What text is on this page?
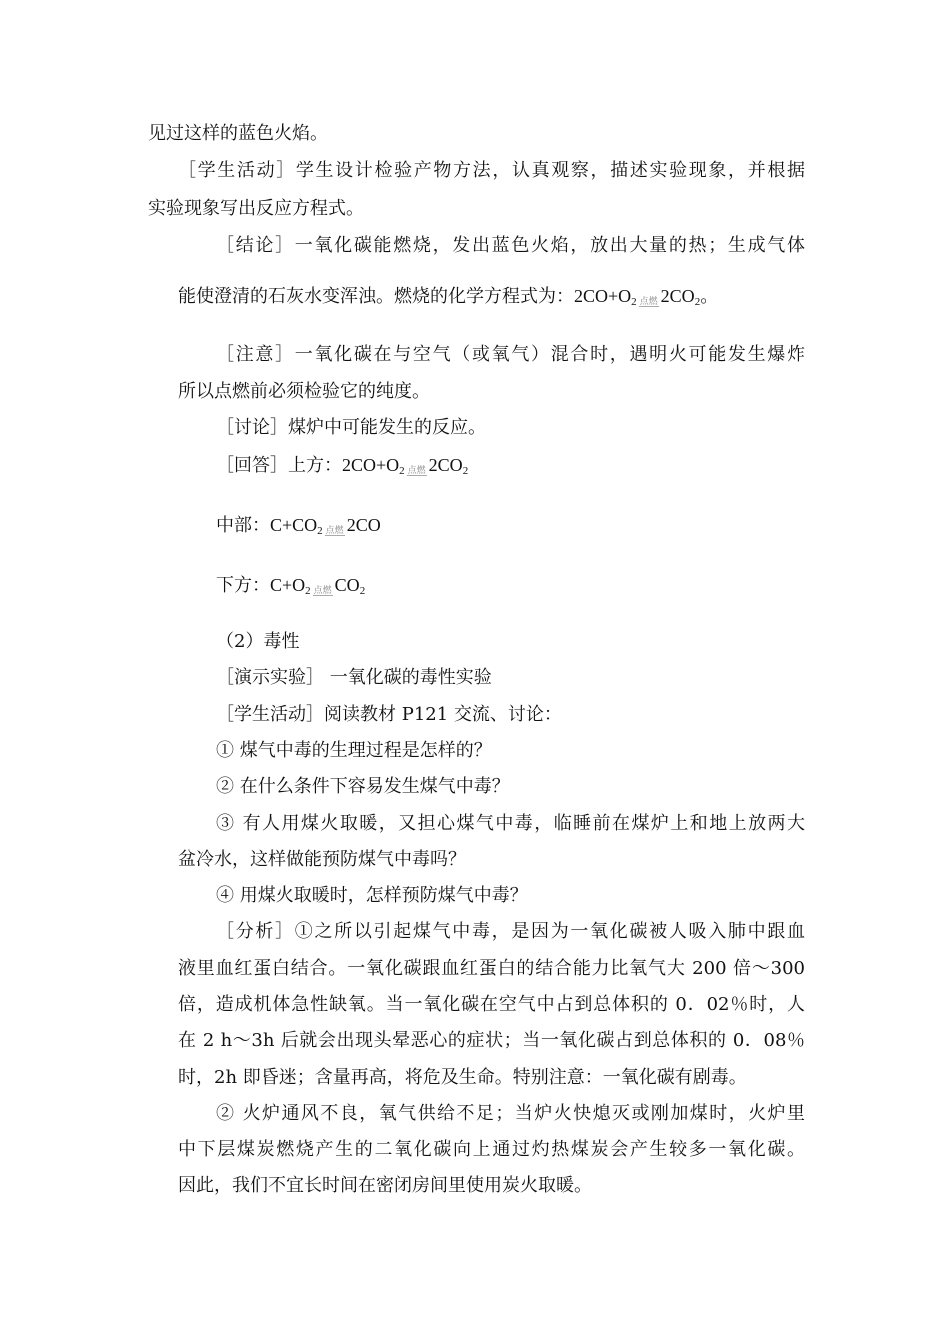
见过这样的蓝色火焰。
［学生活动］学生设计检验产物方法，认真观察，描述实验现象，并根据
实验现象写出反应方程式。
［结论］一氧化碳能燃烧，发出蓝色火焰，放出大量的热；生成气体
能使澄清的石灰水变浑浊。燃烧的化学方程式为：$2CO+O_2$ 点燃 $2CO_2$。
［注意］一氧化碳在与空气（或氧气）混合时，遇明火可能发生爆炸
所以点燃前必须检验它的纯度。
［讨论］煤炉中可能发生的反应。
［回答］上方：$2CO+O_2$ 点燃 $2CO_2$
中部：$C+CO_2$ 点燃 2CO
下方：$C+O_2$ 点燃 $CO_2$
（2）毒性
［演示实验］ 一氧化碳的毒性实验
［学生活动］阅读教材 P121 交流、讨论：
① 煤气中毒的生理过程是怎样的？
② 在什么条件下容易发生煤气中毒？
③ 有人用煤火取暖，又担心煤气中毒，临睡前在煤炉上和地上放两大
盆冷水，这样做能预防煤气中毒吗？
④ 用煤火取暖时，怎样预防煤气中毒？
［分析］①之所以引起煤气中毒，是因为一氧化碳被人吸入肺中跟血
液里血红蛋白结合。一氧化碳跟血红蛋白的结合能力比氧气大 200 倍～300
倍，造成机体急性缺氧。当一氧化碳在空气中占到总体积的 0．02％时，人
在 2 h～3h 后就会出现头晕恶心的症状；当一氧化碳占到总体积的 0．08％
时，2h 即昏迷；含量再高，将危及生命。特别注意：一氧化碳有剧毒。
② 火炉通风不良，氧气供给不足；当炉火快熄灭或刚加煤时，火炉里
中下层煤炭燃烧产生的二氧化碳向上通过灼热煤炭会产生较多一氧化碳。
因此，我们不宜长时间在密闭房间里使用炭火取暖。
